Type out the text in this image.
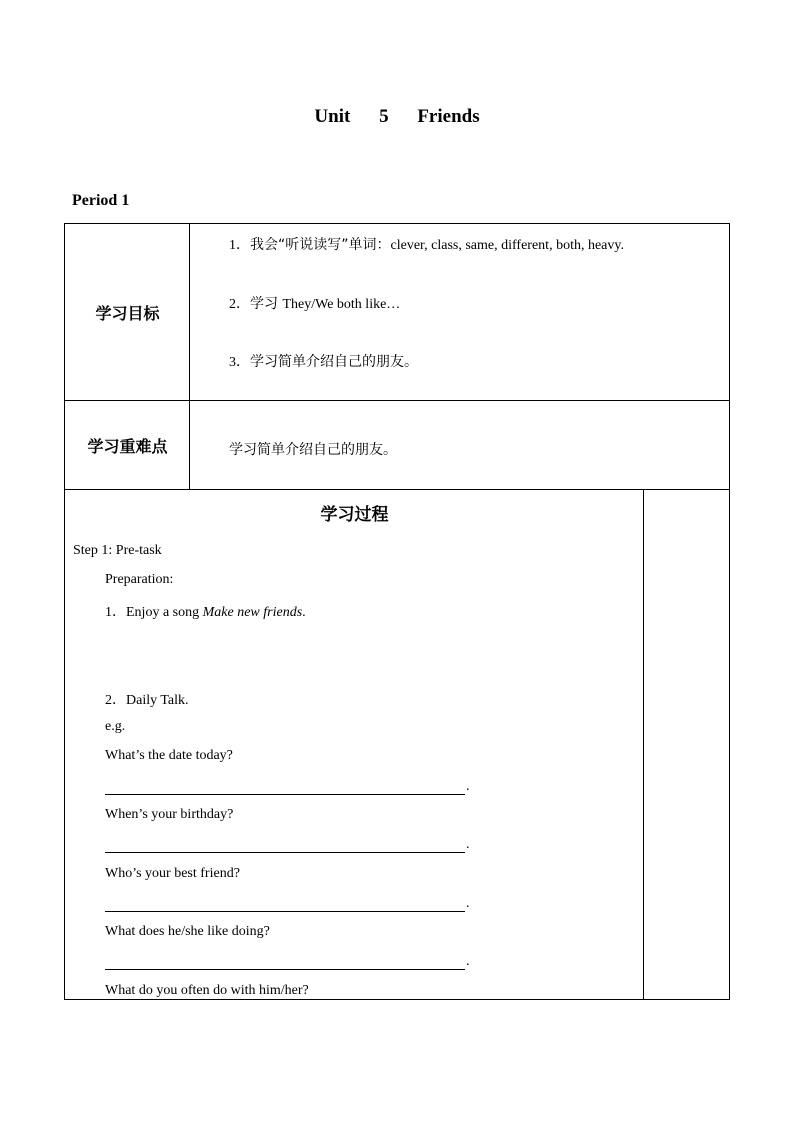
Unit 5 Friends
Period 1
学习目标
1．我会“听说读写”单词：clever, class, same, different, both, heavy.
2．学习 They/We both like…
3．学习简单介绍自己的朋友。
学习重难点	学习简单介绍自己的朋友。
学习过程
Step 1: Pre-task
Preparation:
1．Enjoy a song Make new friends.
2．Daily Talk.
e.g.
What’s the date today?
.
When’s your birthday?
.
Who’s your best friend?
.
What does he/she like doing?
.
What do you often do with him/her?
